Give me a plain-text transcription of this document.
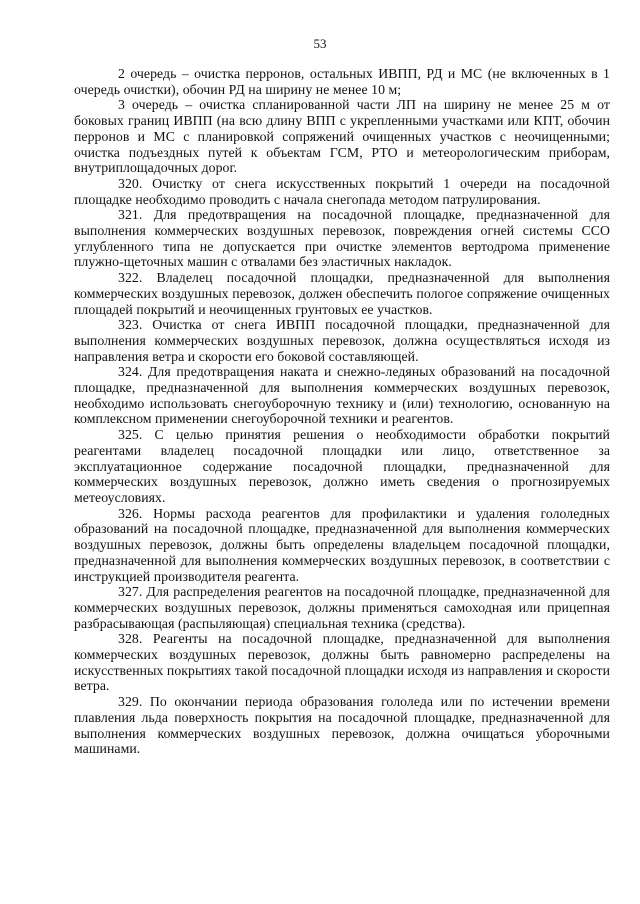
53

2 очередь – очистка перронов, остальных ИВПП, РД и МС (не включенных в 1 очередь очистки), обочин РД на ширину не менее 10 м;

3 очередь – очистка спланированной части ЛП на ширину не менее 25 м от боковых границ ИВПП (на всю длину ВПП с укрепленными участками или КПТ, обочин перронов и МС с планировкой сопряжений очищенных участков с неочищенными; очистка подъездных путей к объектам ГСМ, РТО и метеорологическим приборам, внутриплощадочных дорог.

320. Очистку от снега искусственных покрытий 1 очереди на посадочной площадке необходимо проводить с начала снегопада методом патрулирования.

321. Для предотвращения на посадочной площадке, предназначенной для выполнения коммерческих воздушных перевозок, повреждения огней системы ССО углубленного типа не допускается при очистке элементов вертодрома применение плужно-щеточных машин с отвалами без эластичных накладок.

322. Владелец посадочной площадки, предназначенной для выполнения коммерческих воздушных перевозок, должен обеспечить пологое сопряжение очищенных площадей покрытий и неочищенных грунтовых ее участков.

323. Очистка от снега ИВПП посадочной площадки, предназначенной для выполнения коммерческих воздушных перевозок, должна осуществляться исходя из направления ветра и скорости его боковой составляющей.

324. Для предотвращения наката и снежно-ледяных образований на посадочной площадке, предназначенной для выполнения коммерческих воздушных перевозок, необходимо использовать снегоуборочную технику и (или) технологию, основанную на комплексном применении снегоуборочной техники и реагентов.

325. С целью принятия решения о необходимости обработки покрытий реагентами владелец посадочной площадки или лицо, ответственное за эксплуатационное содержание посадочной площадки, предназначенной для коммерческих воздушных перевозок, должно иметь сведения о прогнозируемых метеоусловиях.

326. Нормы расхода реагентов для профилактики и удаления гололедных образований на посадочной площадке, предназначенной для выполнения коммерческих воздушных перевозок, должны быть определены владельцем посадочной площадки, предназначенной для выполнения коммерческих воздушных перевозок, в соответствии с инструкцией производителя реагента.

327. Для распределения реагентов на посадочной площадке, предназначенной для коммерческих воздушных перевозок, должны применяться самоходная или прицепная разбрасывающая (распыляющая) специальная техника (средства).

328. Реагенты на посадочной площадке, предназначенной для выполнения коммерческих воздушных перевозок, должны быть равномерно распределены на искусственных покрытиях такой посадочной площадки исходя из направления и скорости ветра.

329. По окончании периода образования гололеда или по истечении времени плавления льда поверхность покрытия на посадочной площадке, предназначенной для выполнения коммерческих воздушных перевозок, должна очищаться уборочными машинами.
